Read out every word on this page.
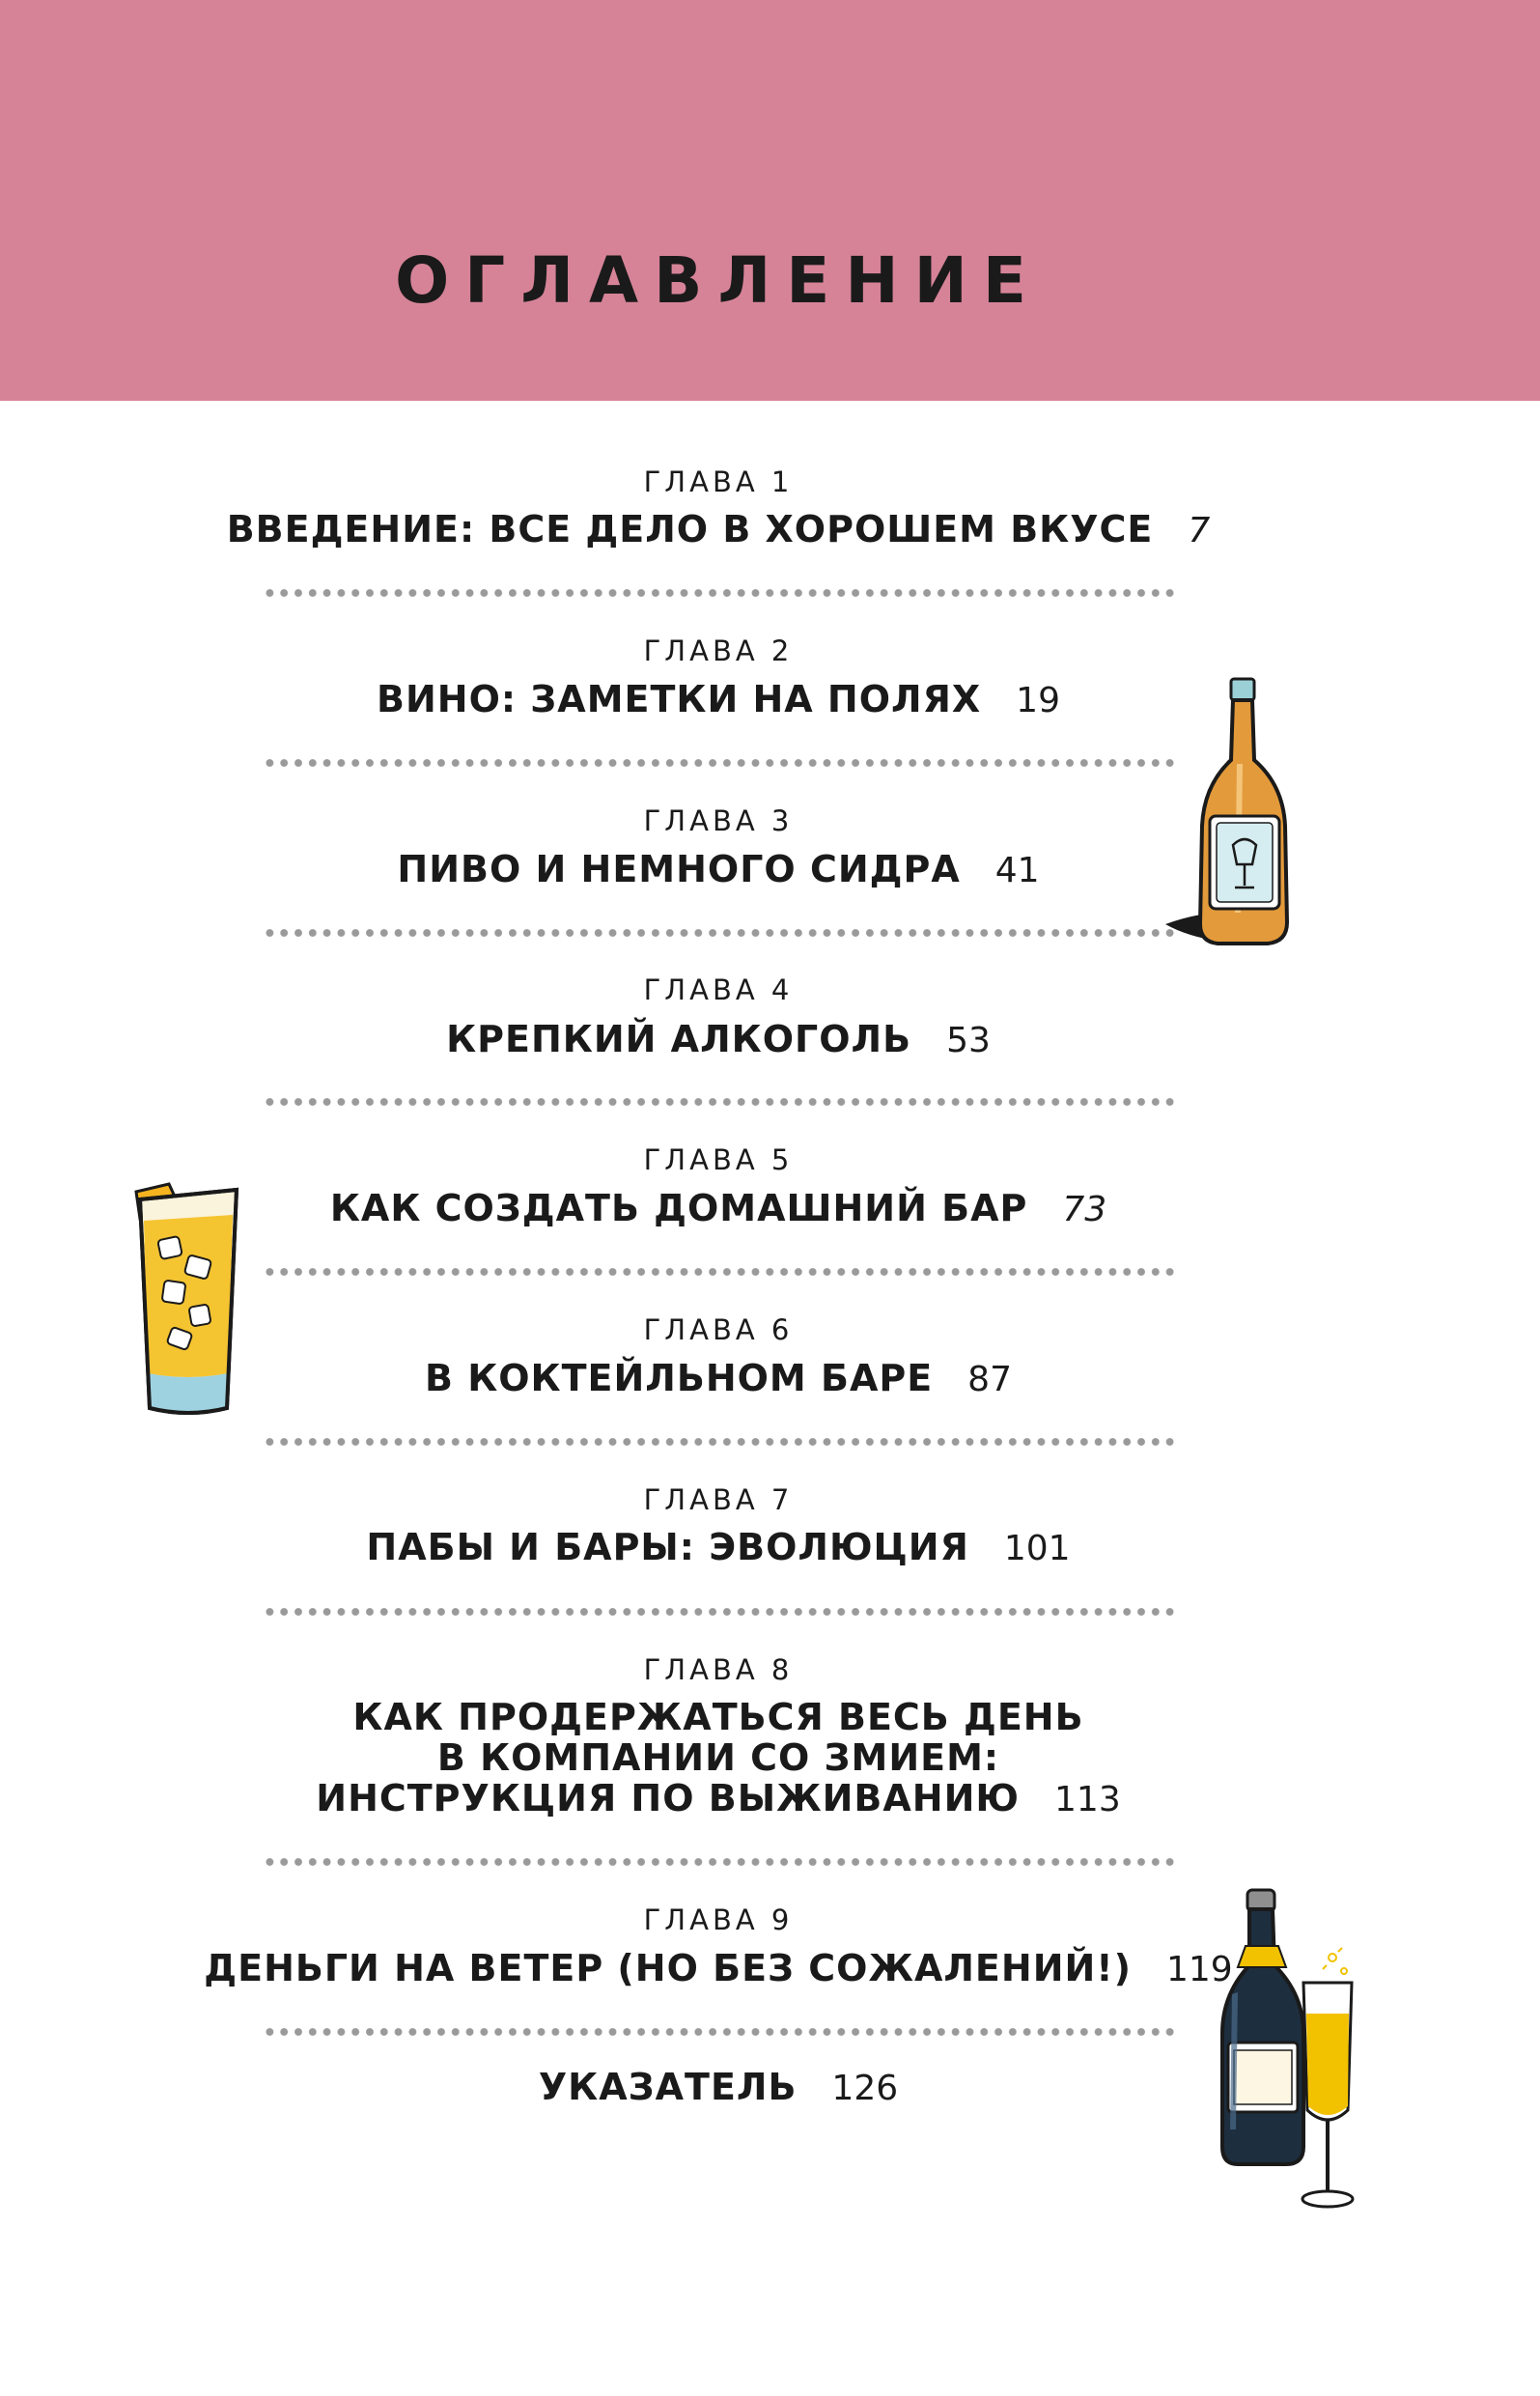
ОГЛАВЛЕНИЕ
ГЛАВА 1
ВВЕДЕНИЕ: ВСЕ ДЕЛО В ХОРОШЕМ ВКУСЕ 7
ГЛАВА 2
ВИНО: ЗАМЕТКИ НА ПОЛЯХ 19
ГЛАВА 3
ПИВО И НЕМНОГО СИДРА 41
ГЛАВА 4
КРЕПКИЙ АЛКОГОЛЬ 53
ГЛАВА 5
КАК СОЗДАТЬ ДОМАШНИЙ БАР 73
ГЛАВА 6
В КОКТЕЙЛЬНОМ БАРЕ 87
ГЛАВА 7
ПАБЫ И БАРЫ: ЭВОЛЮЦИЯ 101
ГЛАВА 8
КАК ПРОДЕРЖАТЬСЯ ВЕСЬ ДЕНЬ
В КОМПАНИИ СО ЗМИЕМ:
ИНСТРУКЦИЯ ПО ВЫЖИВАНИЮ 113
ГЛАВА 9
ДЕНЬГИ НА ВЕТЕР (НО БЕЗ СОЖАЛЕНИЙ!) 119
УКАЗАТЕЛЬ 126
